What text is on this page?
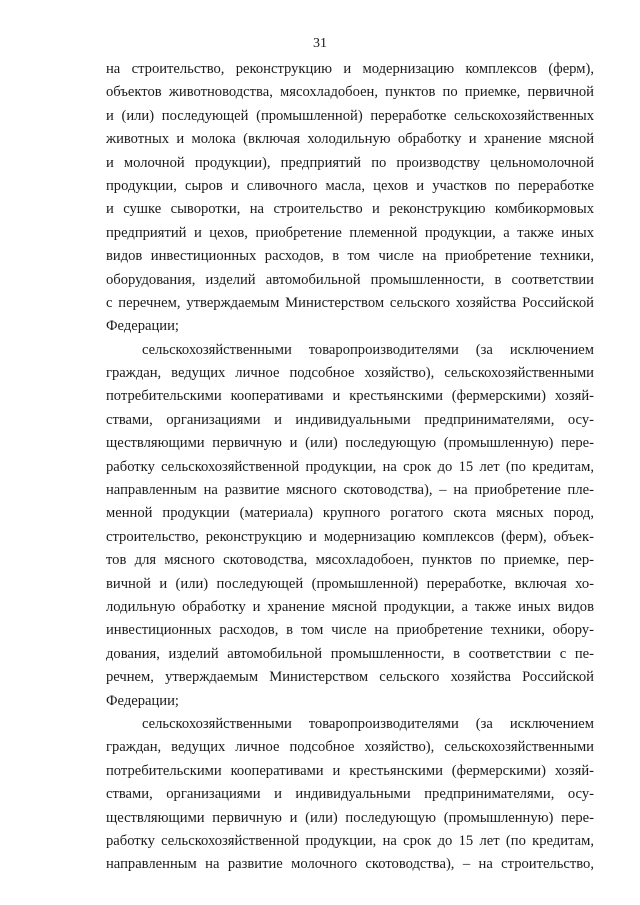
31
на строительство, реконструкцию и модернизацию комплексов (ферм),
объектов животноводства, мясохладобоен, пунктов по приемке, первичной
и (или) последующей (промышленной) переработке сельскохозяйственных
животных и молока (включая холодильную обработку и хранение мясной
и молочной продукции), предприятий по производству цельномолочной
продукции, сыров и сливочного масла, цехов и участков по переработке
и сушке сыворотки, на строительство и реконструкцию комбикормовых
предприятий и цехов, приобретение племенной продукции, а также иных
видов инвестиционных расходов, в том числе на приобретение техники,
оборудования, изделий автомобильной промышленности, в соответствии
с перечнем, утверждаемым Министерством сельского хозяйства Российской
Федерации;
сельскохозяйственными товаропроизводителями (за исключением
граждан, ведущих личное подсобное хозяйство), сельскохозяйственными
потребительскими кооперативами и крестьянскими (фермерскими) хозяй-
ствами, организациями и индивидуальными предпринимателями, осу-
ществляющими первичную и (или) последующую (промышленную) пере-
работку сельскохозяйственной продукции, на срок до 15 лет (по кредитам,
направленным на развитие мясного скотоводства), – на приобретение пле-
менной продукции (материала) крупного рогатого скота мясных пород,
строительство, реконструкцию и модернизацию комплексов (ферм), объек-
тов для мясного скотоводства, мясохладобоен, пунктов по приемке, пер-
вичной и (или) последующей (промышленной) переработке, включая хо-
лодильную обработку и хранение мясной продукции, а также иных видов
инвестиционных расходов, в том числе на приобретение техники, обору-
дования, изделий автомобильной промышленности, в соответствии с пе-
речнем, утверждаемым Министерством сельского хозяйства Российской
Федерации;
сельскохозяйственными товаропроизводителями (за исключением
граждан, ведущих личное подсобное хозяйство), сельскохозяйственными
потребительскими кооперативами и крестьянскими (фермерскими) хозяй-
ствами, организациями и индивидуальными предпринимателями, осу-
ществляющими первичную и (или) последующую (промышленную) пере-
работку сельскохозяйственной продукции, на срок до 15 лет (по кредитам,
направленным на развитие молочного скотоводства), – на строительство,
